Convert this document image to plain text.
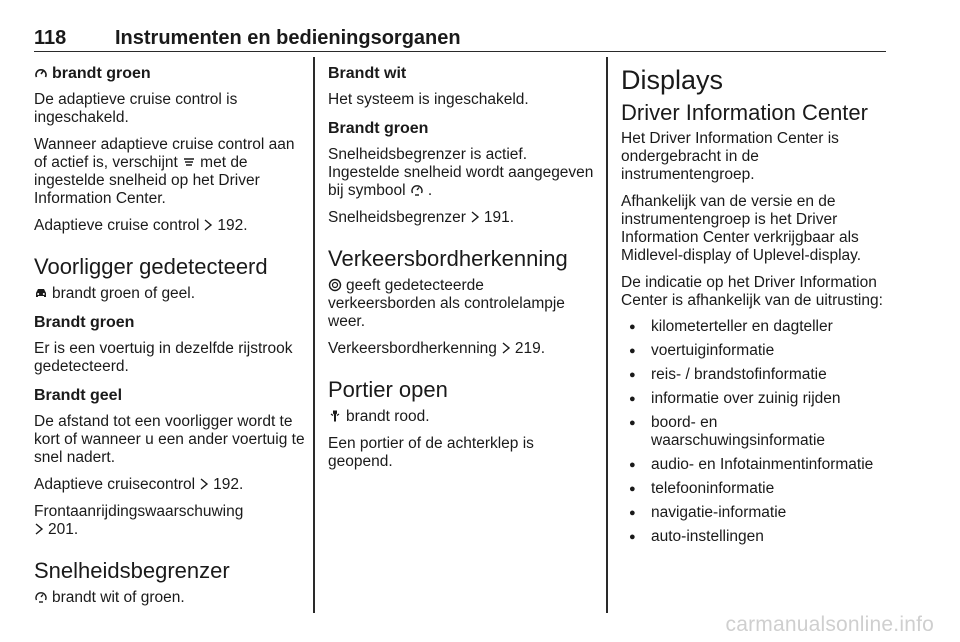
118 Instrumenten en bedieningsorganen
brandt groen

De adaptieve cruise control is ingeschakeld.

Wanneer adaptieve cruise control aan of actief is, verschijnt met de ingestelde snelheid op het Driver Information Center.

Adaptieve cruise control 192.

Voorligger gedetecteerd

brandt groen of geel.

Brandt groen

Er is een voertuig in dezelfde rijstrook gedetecteerd.

Brandt geel

De afstand tot een voorligger wordt te kort of wanneer u een ander voertuig te snel nadert.

Adaptieve cruisecontrol 192.

Frontaanrijdingswaarschuwing

201.

Snelheidsbegrenzer

brandt wit of groen.

Brandt wit

Het systeem is ingeschakeld.

Brandt groen

Snelheidsbegrenzer is actief. Ingestelde snelheid wordt aangegeven bij symbool .

Snelheidsbegrenzer 191.

Verkeersbordherkenning

geeft gedetecteerde verkeersborden als controlelampje weer.

Verkeersbordherkenning 219.

Portier open

brandt rood.

Een portier of de achterklep is geopend.

Displays
Driver Information Center

Het Driver Information Center is ondergebracht in de instrumentengroep.

Afhankelijk van de versie en de instrumentengroep is het Driver Information Center verkrijgbaar als Midlevel-display of Uplevel-display.

De indicatie op het Driver Information Center is afhankelijk van de uitrusting:

● kilometerteller en dagteller
● voertuiginformatie
● reis- / brandstofinformatie
● informatie over zuinig rijden
● boord- en waarschuwingsinformatie
● audio- en Infotainmentinformatie
● telefooninformatie
● navigatie-informatie
● auto-instellingen
carmanualsonline.info
